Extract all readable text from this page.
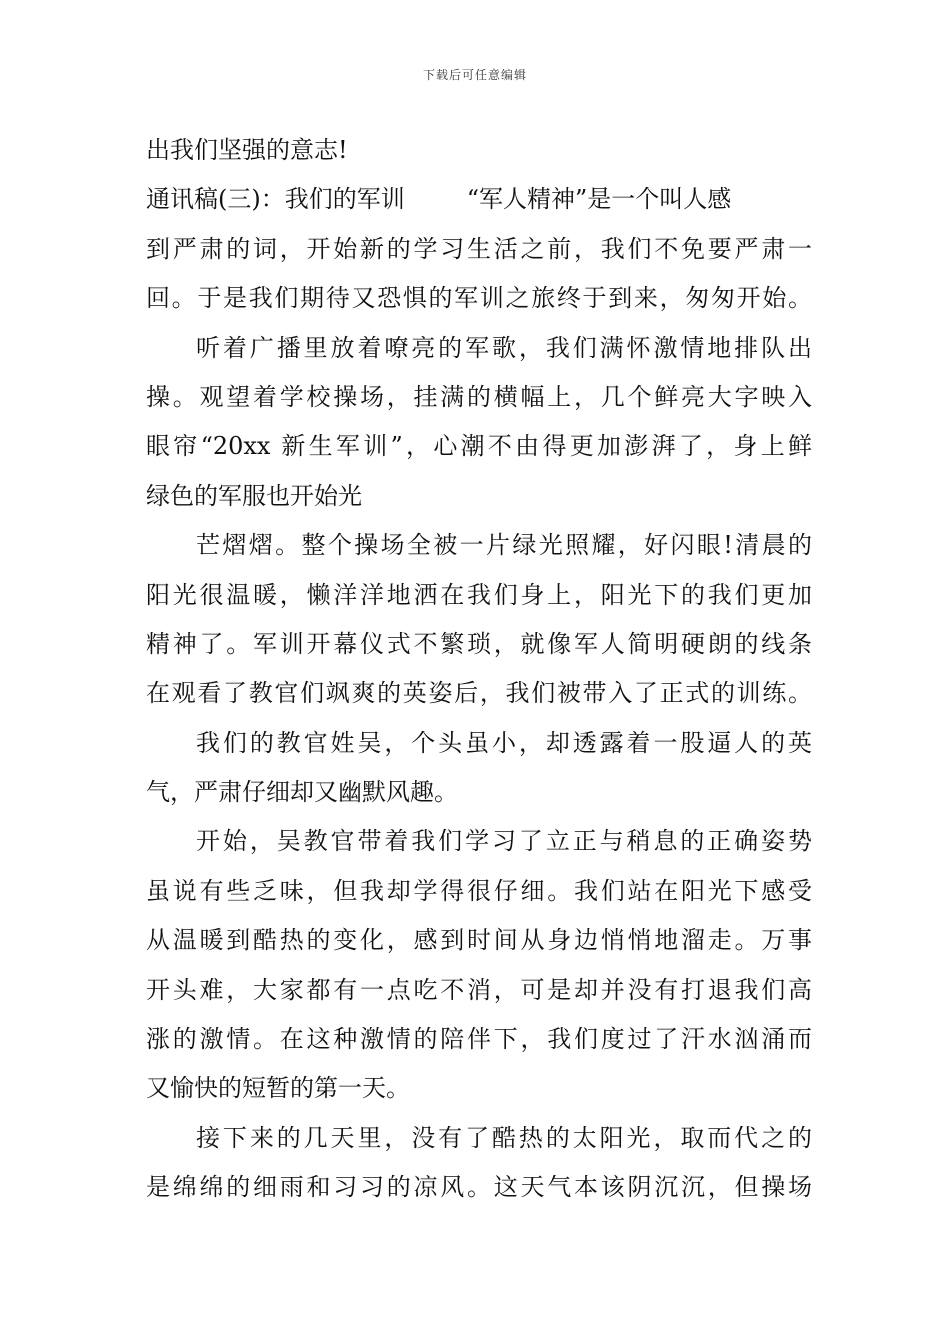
下载后可任意编辑
出我们坚强的意志!
通讯稿(三)：我们的军训	“军人精神”是一个叫人感
到严肃的词，开始新的学习生活之前，我们不免要严肃一
回。于是我们期待又恐惧的军训之旅终于到来，匆匆开始。
听着广播里放着嘹亮的军歌，我们满怀激情地排队出
操。观望着学校操场，挂满的横幅上，几个鲜亮大字映入
眼帘“20xx 新生军训”，心潮不由得更加澎湃了，身上鲜
绿色的军服也开始光
芒熠熠。整个操场全被一片绿光照耀，好闪眼!清晨的
阳光很温暖，懒洋洋地洒在我们身上，阳光下的我们更加
精神了。军训开幕仪式不繁琐，就像军人简明硬朗的线条
在观看了教官们飒爽的英姿后，我们被带入了正式的训练。
我们的教官姓吴，个头虽小，却透露着一股逼人的英
气，严肃仔细却又幽默风趣。
开始，吴教官带着我们学习了立正与稍息的正确姿势
虽说有些乏味，但我却学得很仔细。我们站在阳光下感受
从温暖到酷热的变化，感到时间从身边悄悄地溜走。万事
开头难，大家都有一点吃不消，可是却并没有打退我们高
涨的激情。在这种激情的陪伴下，我们度过了汗水汹涌而
又愉快的短暂的第一天。
接下来的几天里，没有了酷热的太阳光，取而代之的
是绵绵的细雨和习习的凉风。这天气本该阴沉沉，但操场
